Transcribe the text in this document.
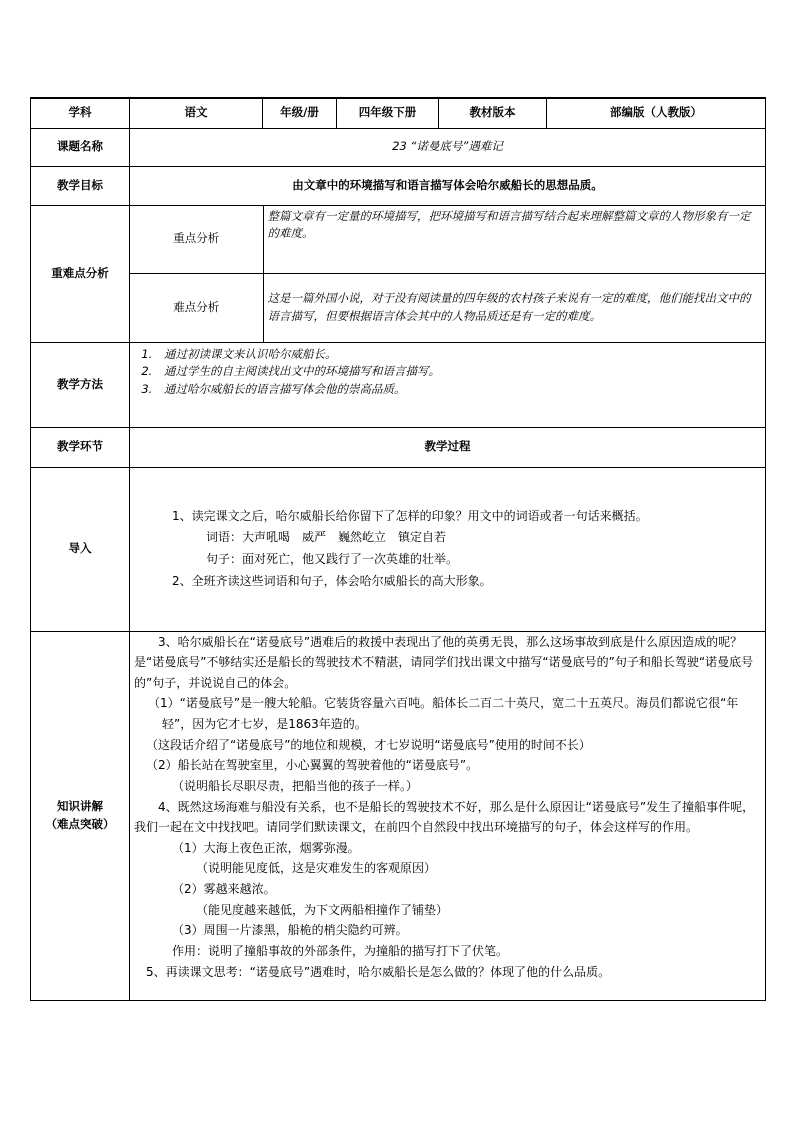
学科	语文	年级/册	四年级下册	教材版本	部编版（人教版）
课题名称	23 “诺曼底号”遇难记
教学目标	由文章中的环境描写和语言描写体会哈尔威船长的思想品质。
重难点分析	
重点分析	整篇文章有一定量的环境描写，把环境描写和语言描写结合起来理解整篇文章的人物形象有一定的难度。
难点分析	这是一篇外国小说，对于没有阅读量的四年级的农村孩子来说有一定的难度，他们能找出文中的语言描写，但要根据语言体会其中的人物品质还是有一定的难度。

教学方法	
1. 通过初读课文来认识哈尔威船长。
2. 通过学生的自主阅读找出文中的环境描写和语言描写。
3. 通过哈尔威船长的语言描写体会他的崇高品质。

教学环节	教学过程
导入	

1、读完课文之后，哈尔威船长给你留下了怎样的印象？用文中的词语或者一句话来概括。

词语：大声吼喝　威严　巍然屹立　镇定自若

句子：面对死亡，他又践行了一次英雄的壮举。

2、全班齐读这些词语和句子，体会哈尔威船长的高大形象。

知识讲解
（难点突破）

3、哈尔威船长在“诺曼底号”遇难后的救援中表现出了他的英勇无畏，那么这场事故到底是什么原因造成的呢？是“诺曼底号”不够结实还是船长的驾驶技术不精湛，请同学们找出课文中描写“诺曼底号的”句子和船长驾驶“诺曼底号的”句子，并说说自己的体会。

（1）“诺曼底号”是一艘大轮船。它装货容量六百吨。船体长二百二十英尺，宽二十五英尺。海员们都说它很“年轻”，因为它才七岁，是1863年造的。

（这段话介绍了“诺曼底号”的地位和规模，才七岁说明“诺曼底号”使用的时间不长）

（2）船长站在驾驶室里，小心翼翼的驾驶着他的“诺曼底号”。

（说明船长尽职尽责，把船当他的孩子一样。）

4、既然这场海难与船没有关系，也不是船长的驾驶技术不好，那么是什么原因让“诺曼底号”发生了撞船事件呢，我们一起在文中找找吧。请同学们默读课文，在前四个自然段中找出环境描写的句子，体会这样写的作用。

（1）大海上夜色正浓，烟雾弥漫。

（说明能见度低，这是灾难发生的客观原因）

（2）雾越来越浓。

（能见度越来越低，为下文两船相撞作了铺垫）

（3）周围一片漆黑，船桅的梢尖隐约可辨。

作用：说明了撞船事故的外部条件，为撞船的描写打下了伏笔。

5、再读课文思考：“诺曼底号”遇难时，哈尔威船长是怎么做的？体现了他的什么品质。
